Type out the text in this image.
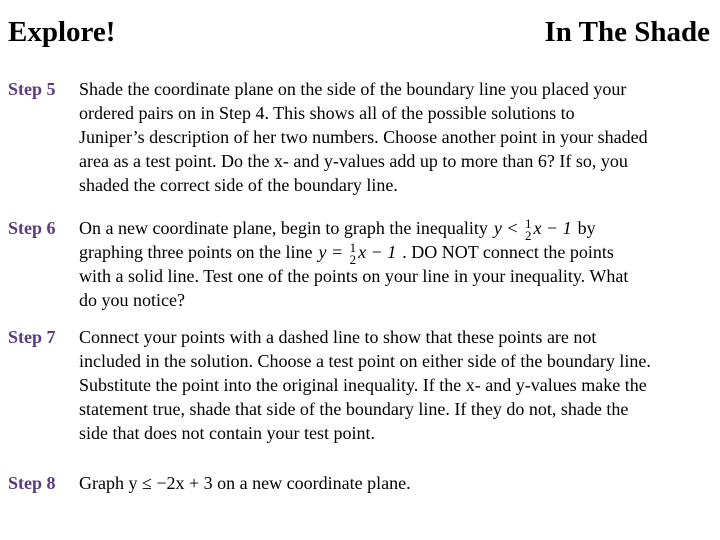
Explore!	In The Shade
Step 5 Shade the coordinate plane on the side of the boundary line you placed your
ordered pairs on in Step 4. This shows all of the possible solutions to
Juniper’s description of her two numbers. Choose another point in your shaded
area as a test point. Do the x- and y-values add up to more than 6? If so, you
shaded the correct side of the boundary line.
Step 6 On a new coordinate plane, begin to graph the inequality y < 1
2 x − 1 by
graphing three points on the line y = 1
2 x − 1 . DO NOT connect the points
with a solid line. Test one of the points on your line in your inequality. What
do you notice?
Step 7 Connect your points with a dashed line to show that these points are not
included in the solution. Choose a test point on either side of the boundary line.
Substitute the point into the original inequality. If the x- and y-values make the
statement true, shade that side of the boundary line. If they do not, shade the
side that does not contain your test point.
Step 8 Graph y ≤ −2x + 3 on a new coordinate plane.
